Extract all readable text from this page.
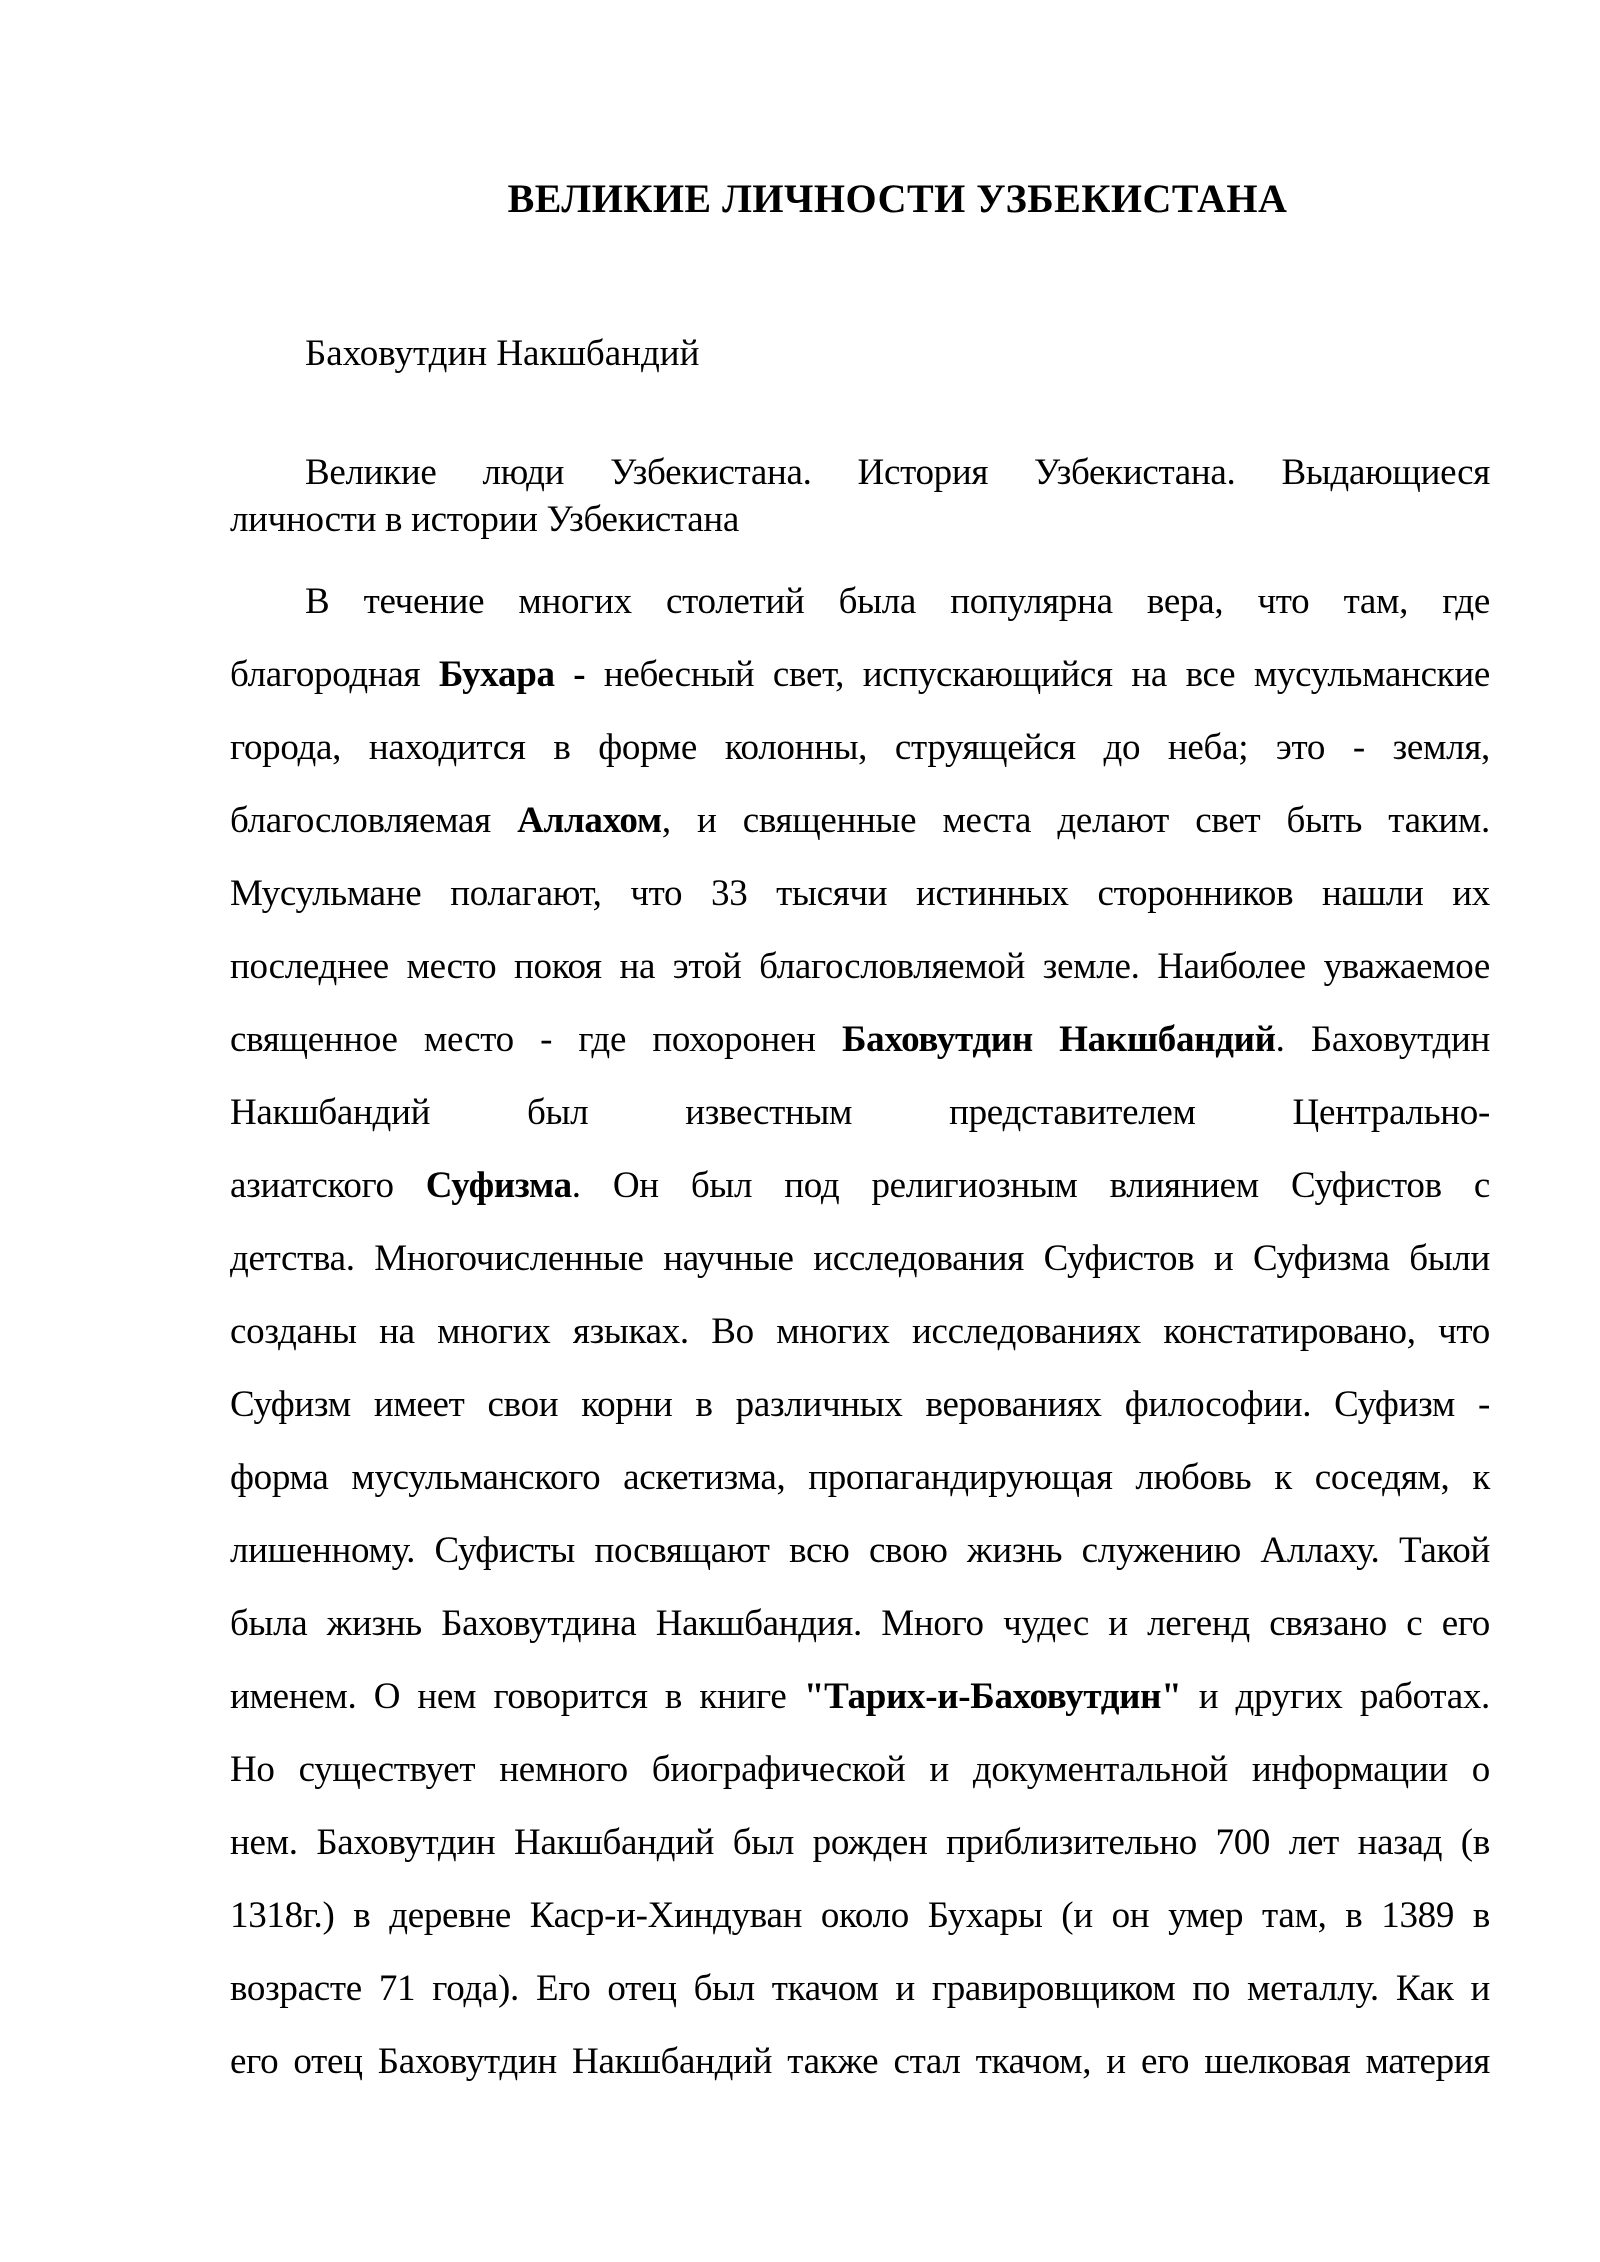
ВЕЛИКИЕ ЛИЧНОСТИ УЗБЕКИСТАНА
Баховутдин Накшбандий
Великие люди Узбекистана. История Узбекистана. Выдающиеся
личности в истории Узбекистана
В течение многих столетий была популярна вера, что там, где
благородная Бухара - небесный свет, испускающийся на все мусульманские
города, находится в форме колонны, струящейся до неба; это - земля,
благословляемая Аллахом, и священные места делают свет быть таким.
Мусульмане полагают, что 33 тысячи истинных сторонников нашли их
последнее место покоя на этой благословляемой земле. Наиболее уважаемое
священное место - где похоронен Баховутдин Накшбандий. Баховутдин
Накшбандий был известным представителем Центрально-
азиатского Суфизма. Он был под религиозным влиянием Суфистов с
детства. Многочисленные научные исследования Суфистов и Суфизма были
созданы на многих языках. Во многих исследованиях констатировано, что
Суфизм имеет свои корни в различных верованиях философии. Суфизм -
форма мусульманского аскетизма, пропагандирующая любовь к соседям, к
лишенному. Суфисты посвящают всю свою жизнь служению Аллаху. Такой
была жизнь Баховутдина Накшбандия. Много чудес и легенд связано с его
именем. О нем говорится в книге "Тарих-и-Баховутдин" и других работах.
Но существует немного биографической и документальной информации о
нем. Баховутдин Накшбандий был рожден приблизительно 700 лет назад (в
1318г.) в деревне Каср-и-Хиндуван около Бухары (и он умер там, в 1389 в
возрасте 71 года). Его отец был ткачом и гравировщиком по металлу. Как и
его отец Баховутдин Накшбандий также стал ткачом, и его шелковая материя
